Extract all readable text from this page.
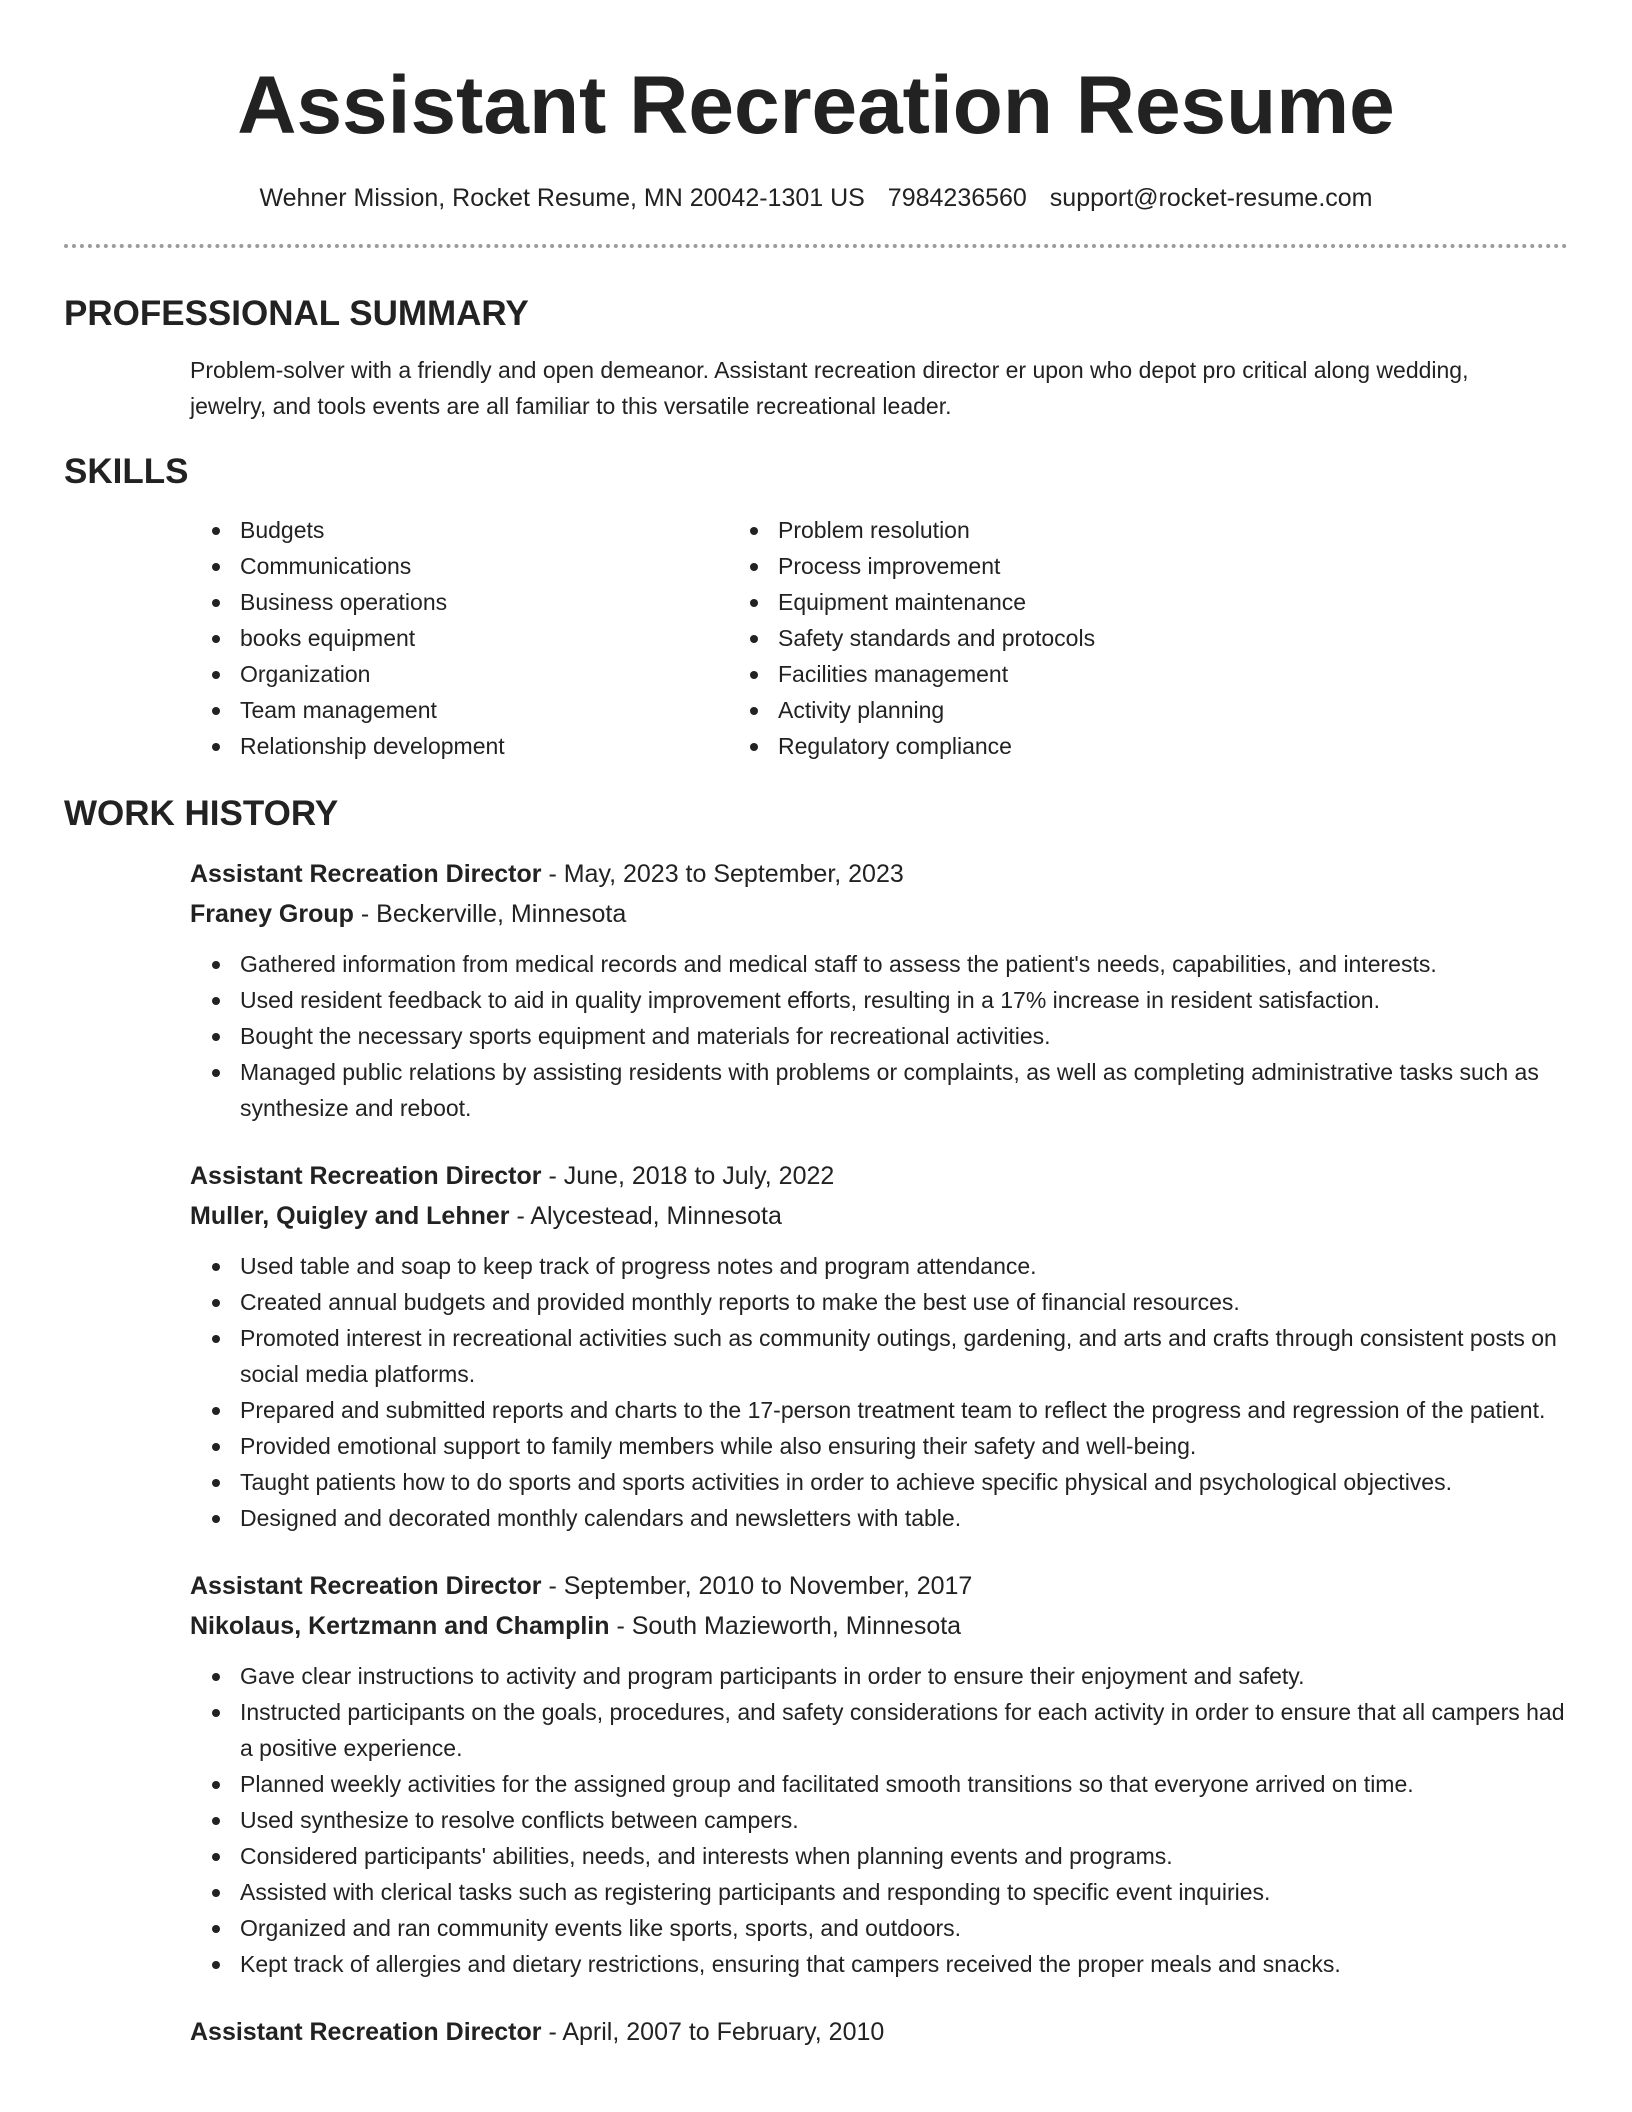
Assistant Recreation Resume
Wehner Mission, Rocket Resume, MN 20042-1301 US 7984236560 support@rocket-resume.com
PROFESSIONAL SUMMARY

Problem-solver with a friendly and open demeanor. Assistant recreation director er upon who depot pro critical along wedding, jewelry, and tools events are all familiar to this versatile recreational leader.

SKILLS
Budgets
Communications
Business operations
books equipment
Organization
Team management
Relationship development
Problem resolution
Process improvement
Equipment maintenance
Safety standards and protocols
Facilities management
Activity planning
Regulatory compliance
WORK HISTORY
Assistant Recreation Director - May, 2023 to September, 2023
Franey Group - Beckerville, Minnesota
Gathered information from medical records and medical staff to assess the patient's needs, capabilities, and interests.
Used resident feedback to aid in quality improvement efforts, resulting in a 17% increase in resident satisfaction.
Bought the necessary sports equipment and materials for recreational activities.
Managed public relations by assisting residents with problems or complaints, as well as completing administrative tasks such as synthesize and reboot.
Assistant Recreation Director - June, 2018 to July, 2022
Muller, Quigley and Lehner - Alycestead, Minnesota
Used table and soap to keep track of progress notes and program attendance.
Created annual budgets and provided monthly reports to make the best use of financial resources.
Promoted interest in recreational activities such as community outings, gardening, and arts and crafts through consistent posts on social media platforms.
Prepared and submitted reports and charts to the 17-person treatment team to reflect the progress and regression of the patient.
Provided emotional support to family members while also ensuring their safety and well-being.
Taught patients how to do sports and sports activities in order to achieve specific physical and psychological objectives.
Designed and decorated monthly calendars and newsletters with table.
Assistant Recreation Director - September, 2010 to November, 2017
Nikolaus, Kertzmann and Champlin - South Mazieworth, Minnesota
Gave clear instructions to activity and program participants in order to ensure their enjoyment and safety.
Instructed participants on the goals, procedures, and safety considerations for each activity in order to ensure that all campers had a positive experience.
Planned weekly activities for the assigned group and facilitated smooth transitions so that everyone arrived on time.
Used synthesize to resolve conflicts between campers.
Considered participants' abilities, needs, and interests when planning events and programs.
Assisted with clerical tasks such as registering participants and responding to specific event inquiries.
Organized and ran community events like sports, sports, and outdoors.
Kept track of allergies and dietary restrictions, ensuring that campers received the proper meals and snacks.
Assistant Recreation Director - April, 2007 to February, 2010
